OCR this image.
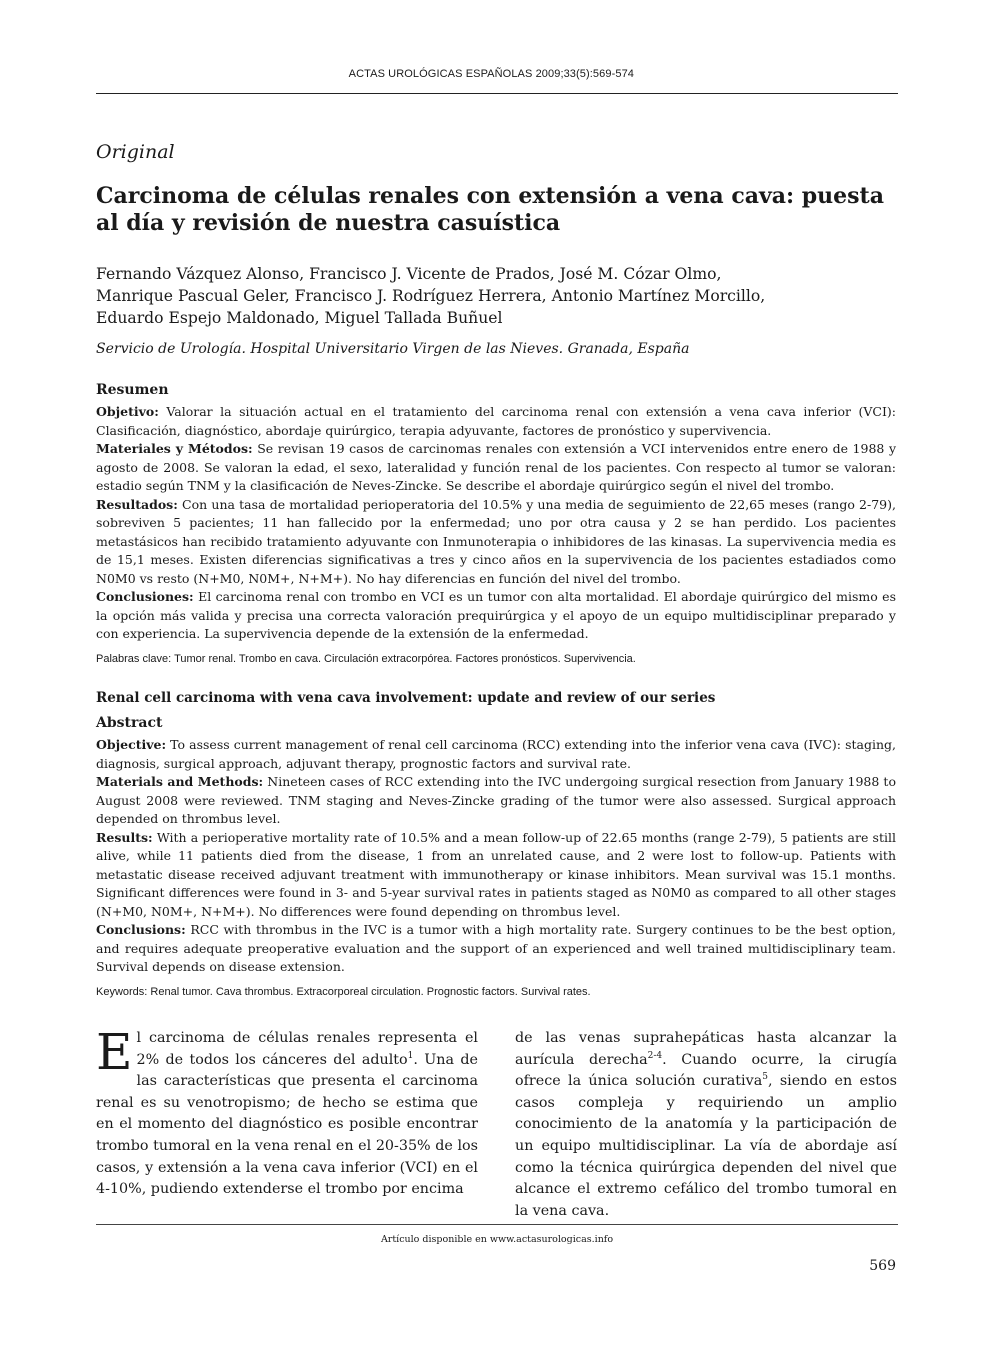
ACTAS UROLÓGICAS ESPAÑOLAS 2009;33(5):569-574
Original
Carcinoma de células renales con extensión a vena cava: puesta al día y revisión de nuestra casuística
Fernando Vázquez Alonso, Francisco J. Vicente de Prados, José M. Cózar Olmo,
Manrique Pascual Geler, Francisco J. Rodríguez Herrera, Antonio Martínez Morcillo,
Eduardo Espejo Maldonado, Miguel Tallada Buñuel
Servicio de Urología. Hospital Universitario Virgen de las Nieves. Granada, España
Resumen

Objetivo: Valorar la situación actual en el tratamiento del carcinoma renal con extensión a vena cava inferior (VCI): Clasificación, diagnóstico, abordaje quirúrgico, terapia adyuvante, factores de pronóstico y supervivencia.

Materiales y Métodos: Se revisan 19 casos de carcinomas renales con extensión a VCI intervenidos entre enero de 1988 y agosto de 2008. Se valoran la edad, el sexo, lateralidad y función renal de los pacientes. Con respecto al tumor se valoran: estadio según TNM y la clasificación de Neves-Zincke. Se describe el abordaje quirúrgico según el nivel del trombo.

Resultados: Con una tasa de mortalidad perioperatoria del 10.5% y una media de seguimiento de 22,65 meses (rango 2-79), sobreviven 5 pacientes; 11 han fallecido por la enfermedad; uno por otra causa y 2 se han perdido. Los pacientes metastásicos han recibido tratamiento adyuvante con Inmunoterapia o inhibidores de las kinasas. La supervivencia media es de 15,1 meses. Existen diferencias significativas a tres y cinco años en la supervivencia de los pacientes estadiados como N0M0 vs resto (N+M0, N0M+, N+M+). No hay diferencias en función del nivel del trombo.

Conclusiones: El carcinoma renal con trombo en VCI es un tumor con alta mortalidad. El abordaje quirúrgico del mismo es la opción más valida y precisa una correcta valoración prequirúrgica y el apoyo de un equipo multidisciplinar preparado y con experiencia. La supervivencia depende de la extensión de la enfermedad.

Palabras clave: Tumor renal. Trombo en cava. Circulación extracorpórea. Factores pronósticos. Supervivencia.
Renal cell carcinoma with vena cava involvement: update and review of our series
Abstract

Objective: To assess current management of renal cell carcinoma (RCC) extending into the inferior vena cava (IVC): staging, diagnosis, surgical approach, adjuvant therapy, prognostic factors and survival rate.

Materials and Methods: Nineteen cases of RCC extending into the IVC undergoing surgical resection from January 1988 to August 2008 were reviewed. TNM staging and Neves-Zincke grading of the tumor were also assessed. Surgical approach depended on thrombus level.

Results: With a perioperative mortality rate of 10.5% and a mean follow-up of 22.65 months (range 2-79), 5 patients are still alive, while 11 patients died from the disease, 1 from an unrelated cause, and 2 were lost to follow-up. Patients with metastatic disease received adjuvant treatment with immunotherapy or kinase inhibitors. Mean survival was 15.1 months. Significant differences were found in 3- and 5-year survival rates in patients staged as N0M0 as compared to all other stages (N+M0, N0M+, N+M+). No differences were found depending on thrombus level.

Conclusions: RCC with thrombus in the IVC is a tumor with a high mortality rate. Surgery continues to be the best option, and requires adequate preoperative evaluation and the support of an experienced and well trained multidisciplinary team. Survival depends on disease extension.

Keywords: Renal tumor. Cava thrombus. Extracorporeal circulation. Prognostic factors. Survival rates.

El carcinoma de células renales representa el 2% de todos los cánceres del adulto$^1$. Una de las características que presenta el carcinoma renal es su venotropismo; de hecho se estima que en el momento del diagnóstico es posible encontrar trombo tumoral en la vena renal en el 20-35% de los casos, y extensión a la vena cava inferior (VCI) en el 4-10%, pudiendo extenderse el trombo por encima

de las venas suprahepáticas hasta alcanzar la aurícula derecha$^{2-4}$. Cuando ocurre, la cirugía ofrece la única solución curativa$^5$, siendo en estos casos compleja y requiriendo un amplio conocimiento de la anatomía y la participación de un equipo multidisciplinar. La vía de abordaje así como la técnica quirúrgica dependen del nivel que alcance el extremo cefálico del trombo tumoral en la vena cava.

Artículo disponible en www.actasurologicas.info
569
